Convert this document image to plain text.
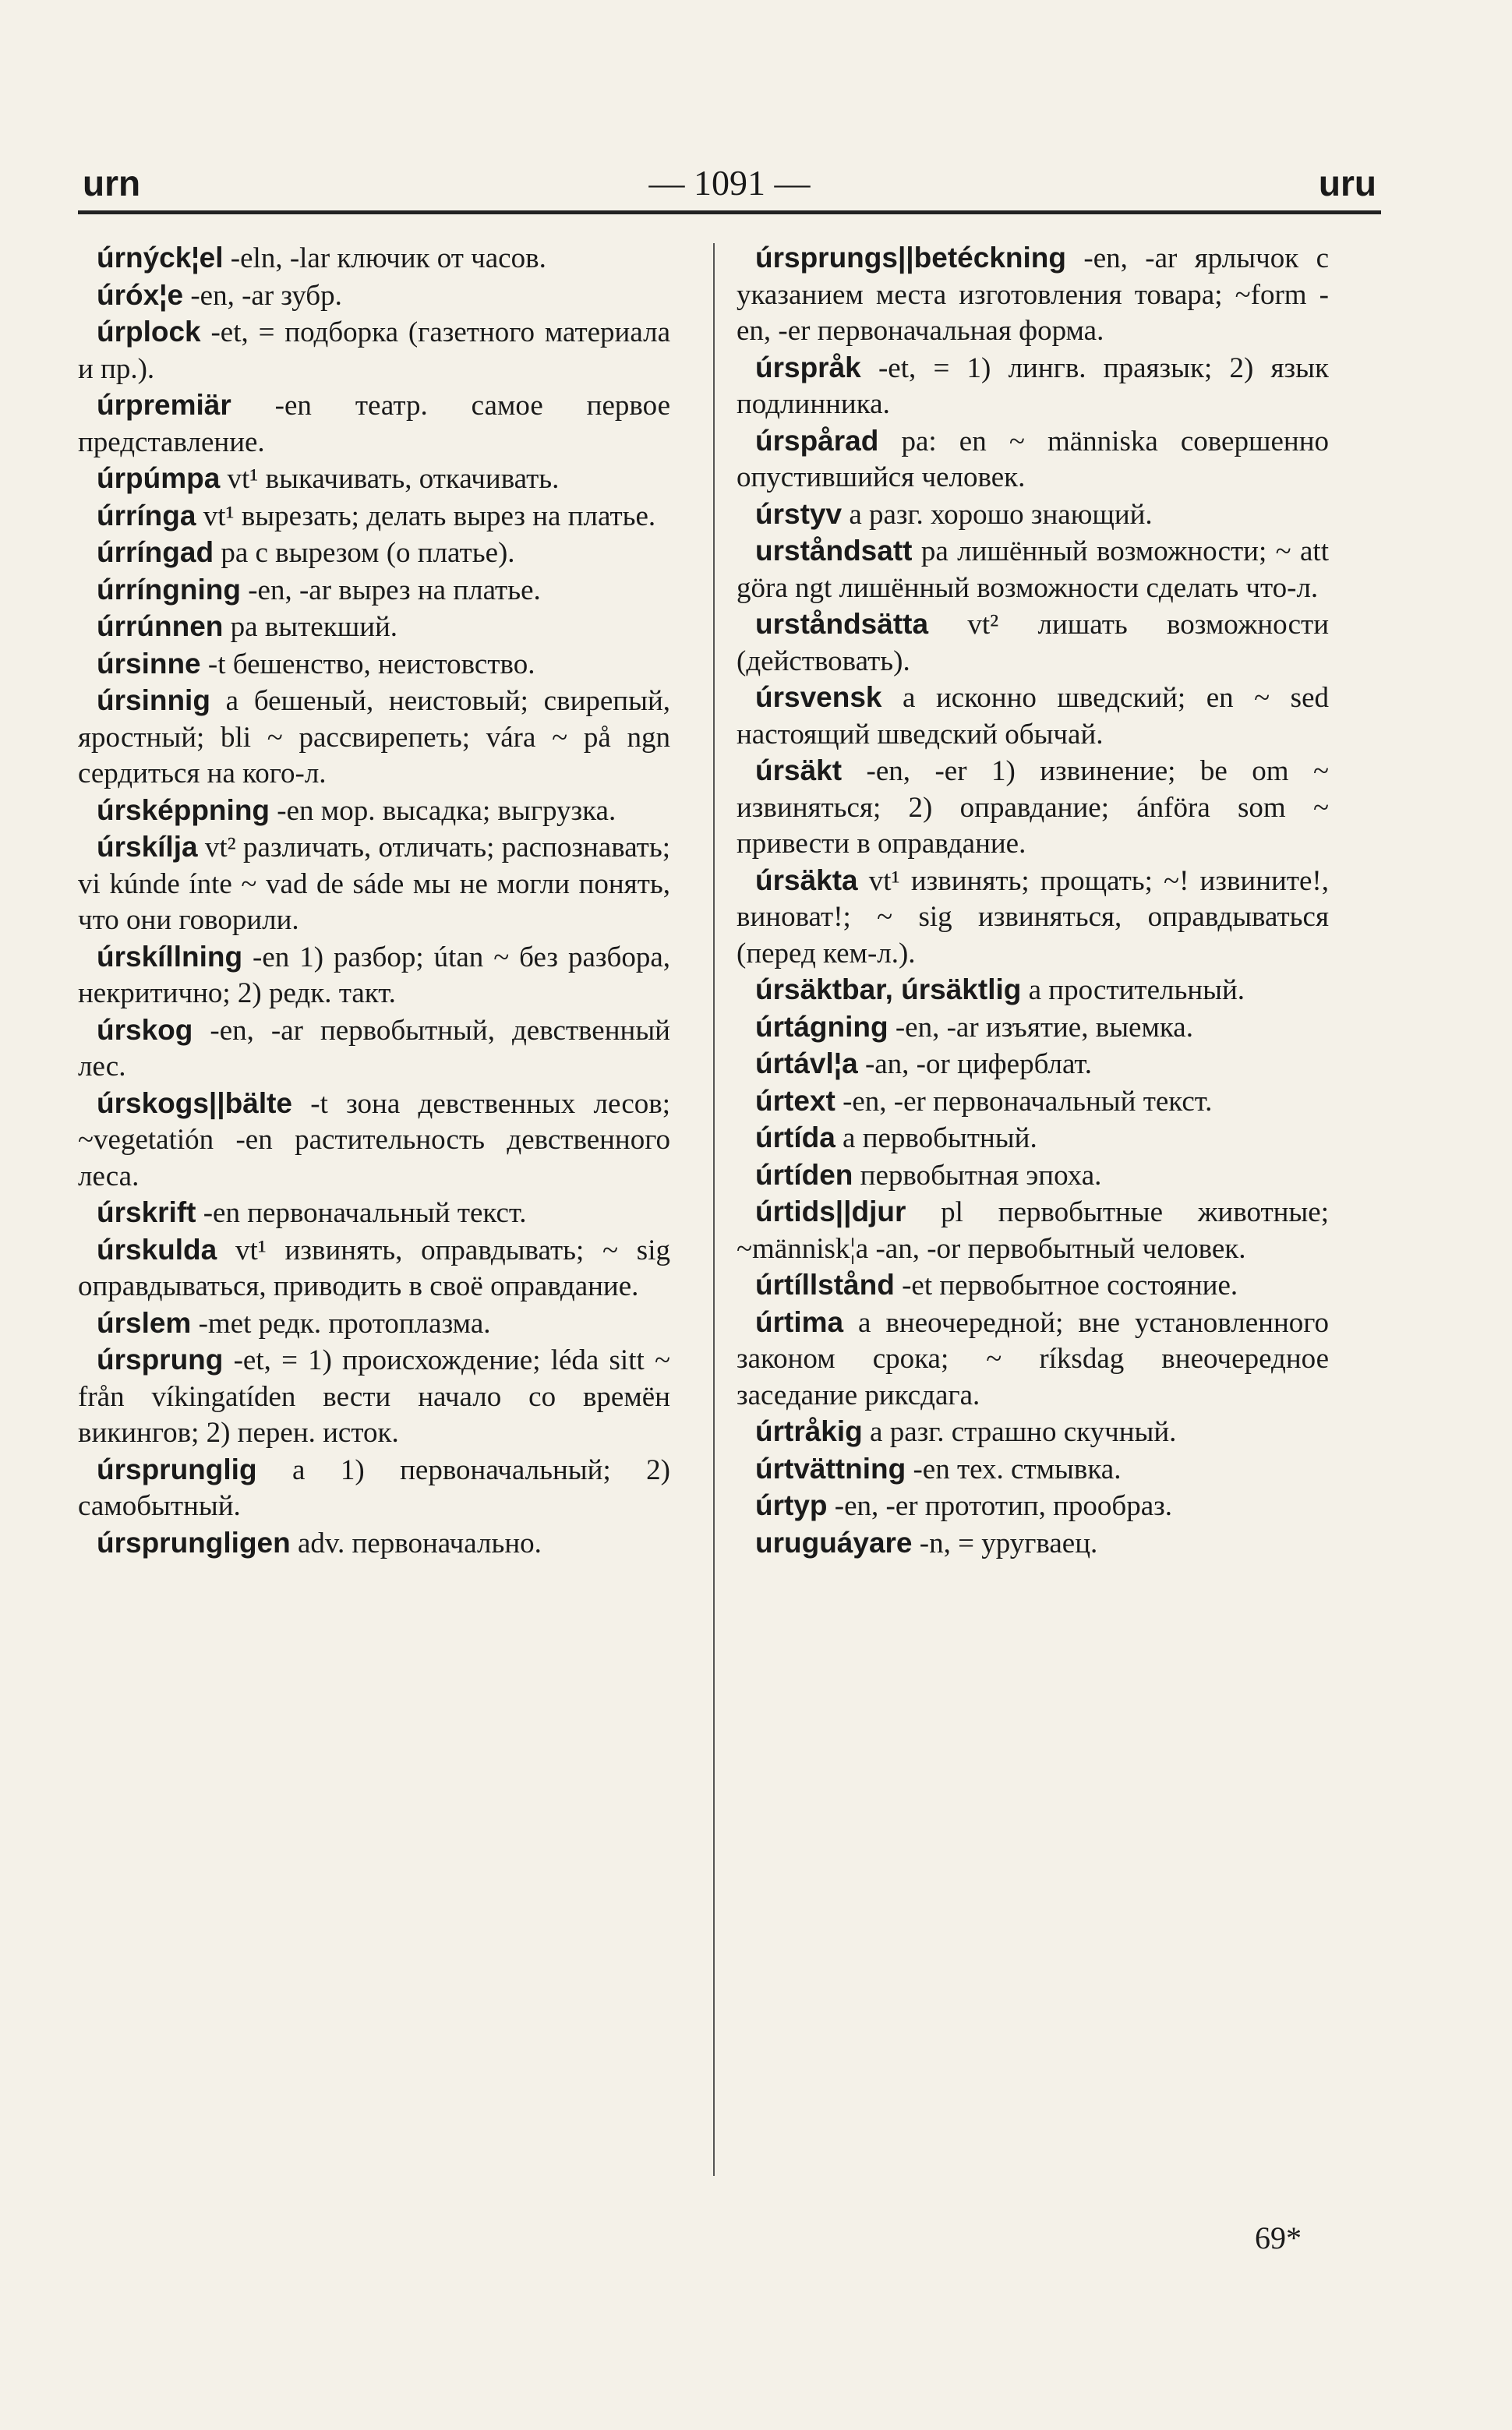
urn	— 1091 —	uru

úrnýck¦el -eln, -lar ключик от часов.

úróx¦e -en, -ar зубр.

úrplock -et, = подборка (газетного материала и пр.).

úrpremiär -en театр. самое первое представление.

úrpúmpa vt¹ выкачивать, откачивать.

úrrínga vt¹ вырезать; делать вырез на платье.

úrríngad pa с вырезом (о платье).

úrríngning -en, -ar вырез на платье.

úrrúnnen pa вытекший.

úrsinne -t бешенство, неистовство.

úrsinnig a бешеный, неистовый; свирепый, яростный; bli ~ рассвирепеть; vára ~ på ngn сердиться на кого-л.

úrsképpning -en мор. высадка; выгрузка.

úrskílja vt² различать, отличать; распознавать; vi kúnde ínte ~ vad de sáde мы не могли понять, что они говорили.

úrskíllning -en 1) разбор; útan ~ без разбора, некритично; 2) редк. такт.

úrskog -en, -ar первобытный, девственный лес.

úrskogs||bälte -t зона девственных лесов; ~vegetatión -en растительность девственного леса.

úrskrift -en первоначальный текст.

úrskulda vt¹ извинять, оправдывать; ~ sig оправдываться, приводить в своё оправдание.

úrslem -met редк. протоплазма.

úrsprung -et, = 1) происхождение; léda sitt ~ från víkingatíden вести начало со времён викингов; 2) перен. исток.

úrsprunglig a 1) первоначальный; 2) самобытный.

úrsprungligen adv. первоначально.

úrsprungs||betéckning -en, -ar ярлычок с указанием места изготовления товара; ~form -en, -er первоначальная форма.

úrspråk -et, = 1) лингв. праязык; 2) язык подлинника.

úrspårad pa: en ~ människa совершенно опустившийся человек.

úrstyv a разг. хорошо знающий.

urståndsatt pa лишённый возможности; ~ att göra ngt лишённый возможности сделать что-л.

urståndsätta vt² лишать возможности (действовать).

úrsvensk a исконно шведский; en ~ sed настоящий шведский обычай.

úrsäkt -en, -er 1) извинение; be om ~ извиняться; 2) оправдание; ánföra som ~ привести в оправдание.

úrsäkta vt¹ извинять; прощать; ~! извините!, виноват!; ~ sig извиняться, оправдываться (перед кем-л.).

úrsäktbar, úrsäktlig a простительный.

úrtágning -en, -ar изъятие, выемка.

úrtávl¦a -an, -or циферблат.

úrtext -en, -er первоначальный текст.

úrtída a первобытный.

úrtíden первобытная эпоха.

úrtids||djur pl первобытные животные; ~människ¦a -an, -or первобытный человек.

úrtíllstånd -et первобытное состояние.

úrtima a внеочередной; вне установленного законом срока; ~ ríksdag внеочередное заседание риксдага.

úrtråkig a разг. страшно скучный.

úrtvättning -en тех. стмывка.

úrtyp -en, -er прототип, прообраз.

uruguáyare -n, = уругваец.

69*
